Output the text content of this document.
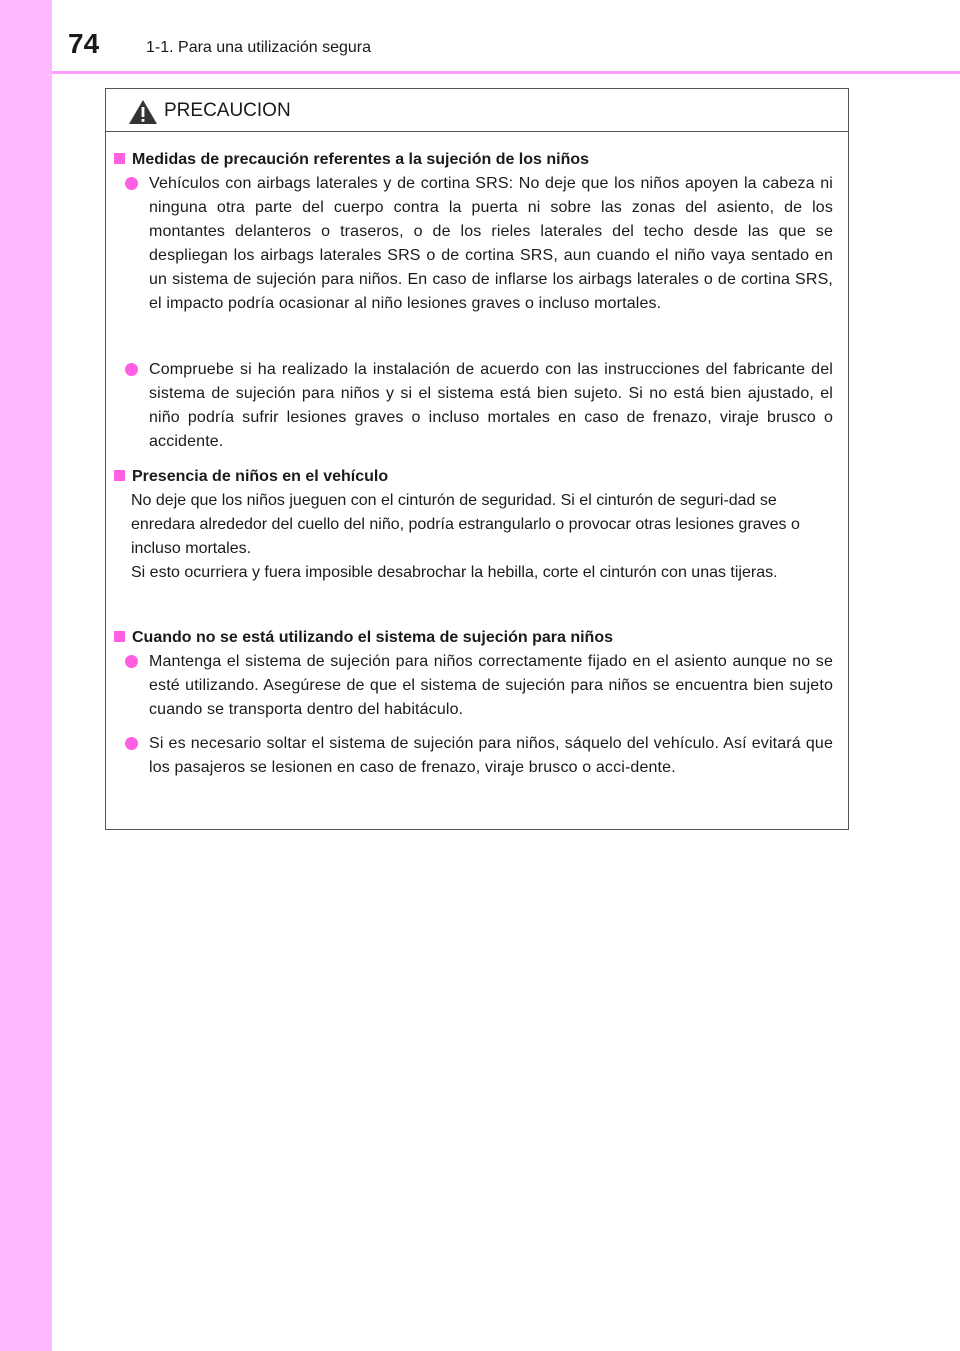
74	1-1. Para una utilización segura
PRECAUCION
Medidas de precaución referentes a la sujeción de los niños
Vehículos con airbags laterales y de cortina SRS: No deje que los niños apoyen la cabeza ni ninguna otra parte del cuerpo contra la puerta ni sobre las zonas del asiento, de los montantes delanteros o traseros, o de los rieles laterales del techo desde las que se despliegan los airbags laterales SRS o de cortina SRS, aun cuando el niño vaya sentado en un sistema de sujeción para niños. En caso de inflarse los airbags laterales o de cortina SRS, el impacto podría ocasionar al niño lesiones graves o incluso mortales.
Compruebe si ha realizado la instalación de acuerdo con las instrucciones del fabricante del sistema de sujeción para niños y si el sistema está bien sujeto. Si no está bien ajustado, el niño podría sufrir lesiones graves o incluso mortales en caso de frenazo, viraje brusco o accidente.
Presencia de niños en el vehículo
No deje que los niños jueguen con el cinturón de seguridad. Si el cinturón de seguri-dad se enredara alrededor del cuello del niño, podría estrangularlo o provocar otras lesiones graves o incluso mortales.
Si esto ocurriera y fuera imposible desabrochar la hebilla, corte el cinturón con unas tijeras.
Cuando no se está utilizando el sistema de sujeción para niños
Mantenga el sistema de sujeción para niños correctamente fijado en el asiento aunque no se esté utilizando. Asegúrese de que el sistema de sujeción para niños se encuentra bien sujeto cuando se transporta dentro del habitáculo.
Si es necesario soltar el sistema de sujeción para niños, sáquelo del vehículo. Así evitará que los pasajeros se lesionen en caso de frenazo, viraje brusco o acci-dente.
